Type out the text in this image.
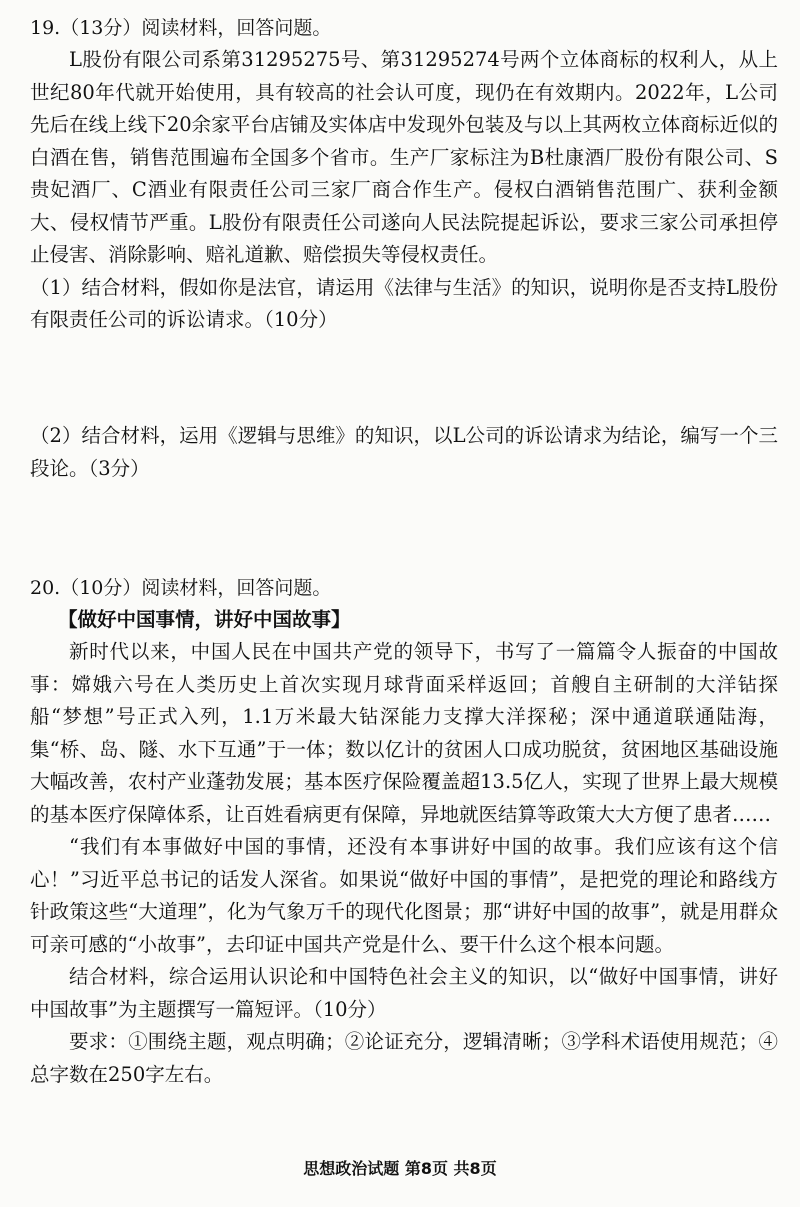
19.（13分）阅读材料，回答问题。

L股份有限公司系第31295275号、第31295274号两个立体商标的权利人，从上世纪80年代就开始使用，具有较高的社会认可度，现仍在有效期内。2022年，L公司先后在线上线下20余家平台店铺及实体店中发现外包装及与以上其两枚立体商标近似的白酒在售，销售范围遍布全国多个省市。生产厂家标注为B杜康酒厂股份有限公司、S贵妃酒厂、C酒业有限责任公司三家厂商合作生产。侵权白酒销售范围广、获利金额大、侵权情节严重。L股份有限责任公司遂向人民法院提起诉讼，要求三家公司承担停止侵害、消除影响、赔礼道歉、赔偿损失等侵权责任。

（1）结合材料，假如你是法官，请运用《法律与生活》的知识，说明你是否支持L股份有限责任公司的诉讼请求。（10分）

（2）结合材料，运用《逻辑与思维》的知识，以L公司的诉讼请求为结论，编写一个三段论。（3分）

20.（10分）阅读材料，回答问题。

【做好中国事情，讲好中国故事】

新时代以来，中国人民在中国共产党的领导下，书写了一篇篇令人振奋的中国故事：嫦娥六号在人类历史上首次实现月球背面采样返回；首艘自主研制的大洋钻探船“梦想”号正式入列，1.1万米最大钻深能力支撑大洋探秘；深中通道联通陆海，集“桥、岛、隧、水下互通”于一体；数以亿计的贫困人口成功脱贫，贫困地区基础设施大幅改善，农村产业蓬勃发展；基本医疗保险覆盖超13.5亿人，实现了世界上最大规模的基本医疗保障体系，让百姓看病更有保障，异地就医结算等政策大大方便了患者……

“我们有本事做好中国的事情，还没有本事讲好中国的故事。我们应该有这个信心！”习近平总书记的话发人深省。如果说“做好中国的事情”，是把党的理论和路线方针政策这些“大道理”，化为气象万千的现代化图景；那“讲好中国的故事”，就是用群众可亲可感的“小故事”，去印证中国共产党是什么、要干什么这个根本问题。

结合材料，综合运用认识论和中国特色社会主义的知识，以“做好中国事情，讲好中国故事”为主题撰写一篇短评。（10分）

要求：①围绕主题，观点明确；②论证充分，逻辑清晰；③学科术语使用规范；④总字数在250字左右。

思想政治试题 第8页 共8页
